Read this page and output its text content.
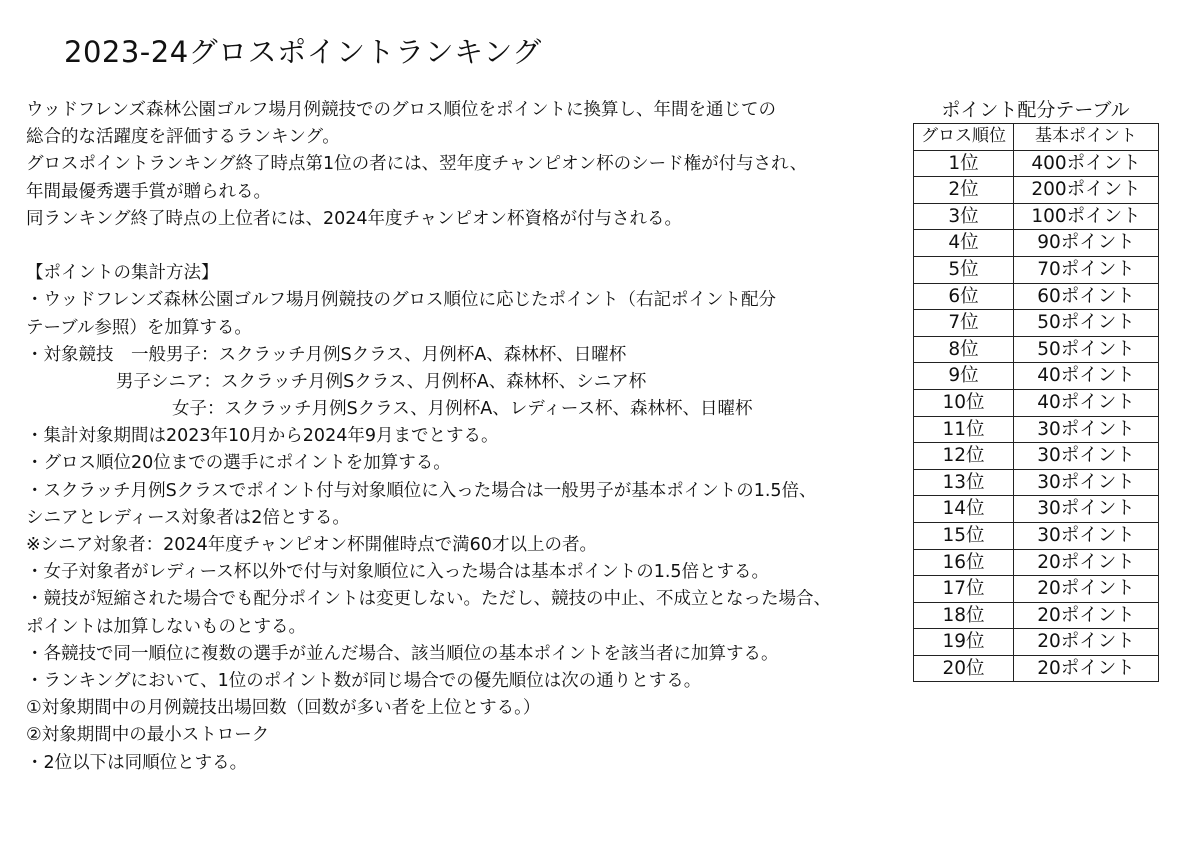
2023-24グロスポイントランキング
ウッドフレンズ森林公園ゴルフ場月例競技でのグロス順位をポイントに換算し、年間を通じての
総合的な活躍度を評価するランキング。
グロスポイントランキング終了時点第1位の者には、翌年度チャンピオン杯のシード権が付与され、
年間最優秀選手賞が贈られる。
同ランキング終了時点の上位者には、2024年度チャンピオン杯資格が付与される。
【ポイントの集計方法】
・ウッドフレンズ森林公園ゴルフ場月例競技のグロス順位に応じたポイント（右記ポイント配分
テーブル参照）を加算する。
・対象競技　一般男子：スクラッチ月例Sクラス、月例杯A、森林杯、日曜杯
男子シニア：スクラッチ月例Sクラス、月例杯A、森林杯、シニア杯
女子：スクラッチ月例Sクラス、月例杯A、レディース杯、森林杯、日曜杯
・集計対象期間は2023年10月から2024年9月までとする。
・グロス順位20位までの選手にポイントを加算する。
・スクラッチ月例Sクラスでポイント付与対象順位に入った場合は一般男子が基本ポイントの1.5倍、
シニアとレディース対象者は2倍とする。
※シニア対象者：2024年度チャンピオン杯開催時点で満60才以上の者。
・女子対象者がレディース杯以外で付与対象順位に入った場合は基本ポイントの1.5倍とする。
・競技が短縮された場合でも配分ポイントは変更しない。ただし、競技の中止、不成立となった場合、
ポイントは加算しないものとする。
・各競技で同一順位に複数の選手が並んだ場合、該当順位の基本ポイントを該当者に加算する。
・ランキングにおいて、1位のポイント数が同じ場合での優先順位は次の通りとする。
①対象期間中の月例競技出場回数（回数が多い者を上位とする。）
②対象期間中の最小ストローク
・2位以下は同順位とする。
ポイント配分テーブル
グロス順位	基本ポイント
1位	400ポイント
2位	200ポイント
3位	100ポイント
4位	90ポイント
5位	70ポイント
6位	60ポイント
7位	50ポイント
8位	50ポイント
9位	40ポイント
10位	40ポイント
11位	30ポイント
12位	30ポイント
13位	30ポイント
14位	30ポイント
15位	30ポイント
16位	20ポイント
17位	20ポイント
18位	20ポイント
19位	20ポイント
20位	20ポイント
